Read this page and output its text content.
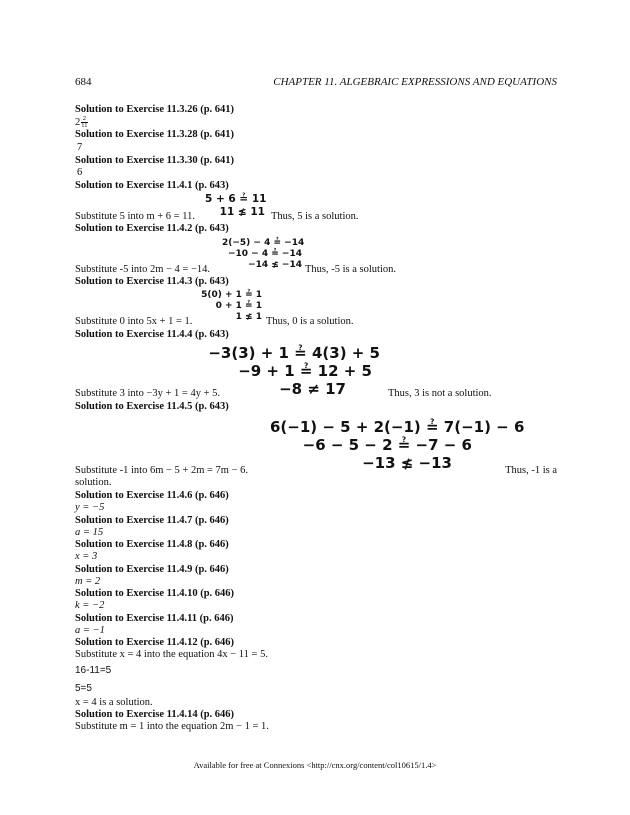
684	CHAPTER 11. ALGEBRAIC EXPRESSIONS AND EQUATIONS
Solution to Exercise 11.3.26 (p. 641)
$2 \frac{2}{11}$
Solution to Exercise 11.3.28 (p. 641)
7
Solution to Exercise 11.3.30 (p. 641)
6
Solution to Exercise 11.4.1 (p. 643)
5 + 6 ≟ 11
11 ≰ 11
Substitute 5 into m + 6 = 11.	Thus, 5 is a solution.
Solution to Exercise 11.4.2 (p. 643)
2(−5) − 4 ≟ −14
−10 − 4 ≟ −14
−14 ≰ −14
Substitute -5 into 2m − 4 = −14.	Thus, -5 is a solution.
Solution to Exercise 11.4.3 (p. 643)
5(0) + 1 ≟ 1
0 + 1 ≟ 1
1 ≰ 1
Substitute 0 into 5x + 1 = 1.	Thus, 0 is a solution.
Solution to Exercise 11.4.4 (p. 643)
−3(3) + 1 ≟ 4(3) + 5
−9 + 1 ≟ 12 + 5
−8 ≠ 17
Substitute 3 into −3y + 1 = 4y + 5.	Thus, 3 is not a solution.
Solution to Exercise 11.4.5 (p. 643)
6(−1) − 5 + 2(−1) ≟ 7(−1) − 6
−6 − 5 − 2 ≟ −7 − 6
−13 ≰ −13
Substitute -1 into 6m − 5 + 2m = 7m − 6.	Thus, -1 is a
solution.
Solution to Exercise 11.4.6 (p. 646)
y = −5
Solution to Exercise 11.4.7 (p. 646)
a = 15
Solution to Exercise 11.4.8 (p. 646)
x = 3
Solution to Exercise 11.4.9 (p. 646)
m = 2
Solution to Exercise 11.4.10 (p. 646)
k = −2
Solution to Exercise 11.4.11 (p. 646)
a = −1
Solution to Exercise 11.4.12 (p. 646)
Substitute x = 4 into the equation 4x − 11 = 5.
16-11=5
5=5
x = 4 is a solution.
Solution to Exercise 11.4.14 (p. 646)
Substitute m = 1 into the equation 2m − 1 = 1.
Available for free at Connexions <http://cnx.org/content/col10615/1.4>
